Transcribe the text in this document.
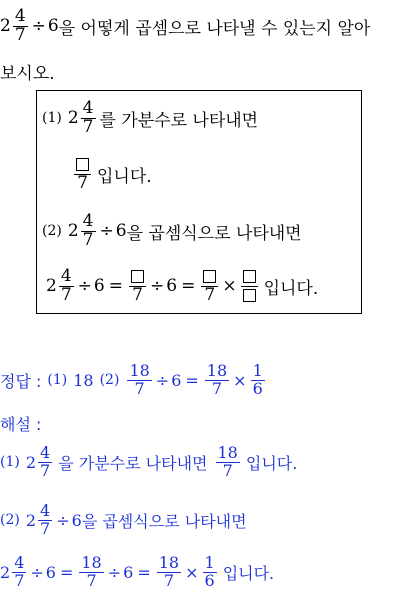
$2 \frac{4}{7} \div 6$ 을 어떻게 곱셈으로 나타낼 수 있는지 알아
보시오.
(1) $2 \frac{4}{7}$ 를 가분수로 나타내면
7 입니다.
(2) $2 \frac{4}{7} \div 6$ 을 곱셈식으로 나타내면
$2 \frac{4}{7} \div 6 = 7 \div 6 = 7$ × 입니다.
정답 : (1) 18 $(2) \frac{18}{7} \div 6 = \frac{18}{7} \times \frac{1}{6}$
해설 :
(1) $2 \frac{4}{7}$ 을 가분수로 나타내면 $\frac{18}{7}$ 입니다.
(2) $2 \frac{4}{7} \div 6$ 을 곱셈식으로 나타내면
$2 \frac{4}{7} \div 6 = \frac{18}{7} \div 6 = \frac{18}{7} \times \frac{1}{6}$ 입니다.
